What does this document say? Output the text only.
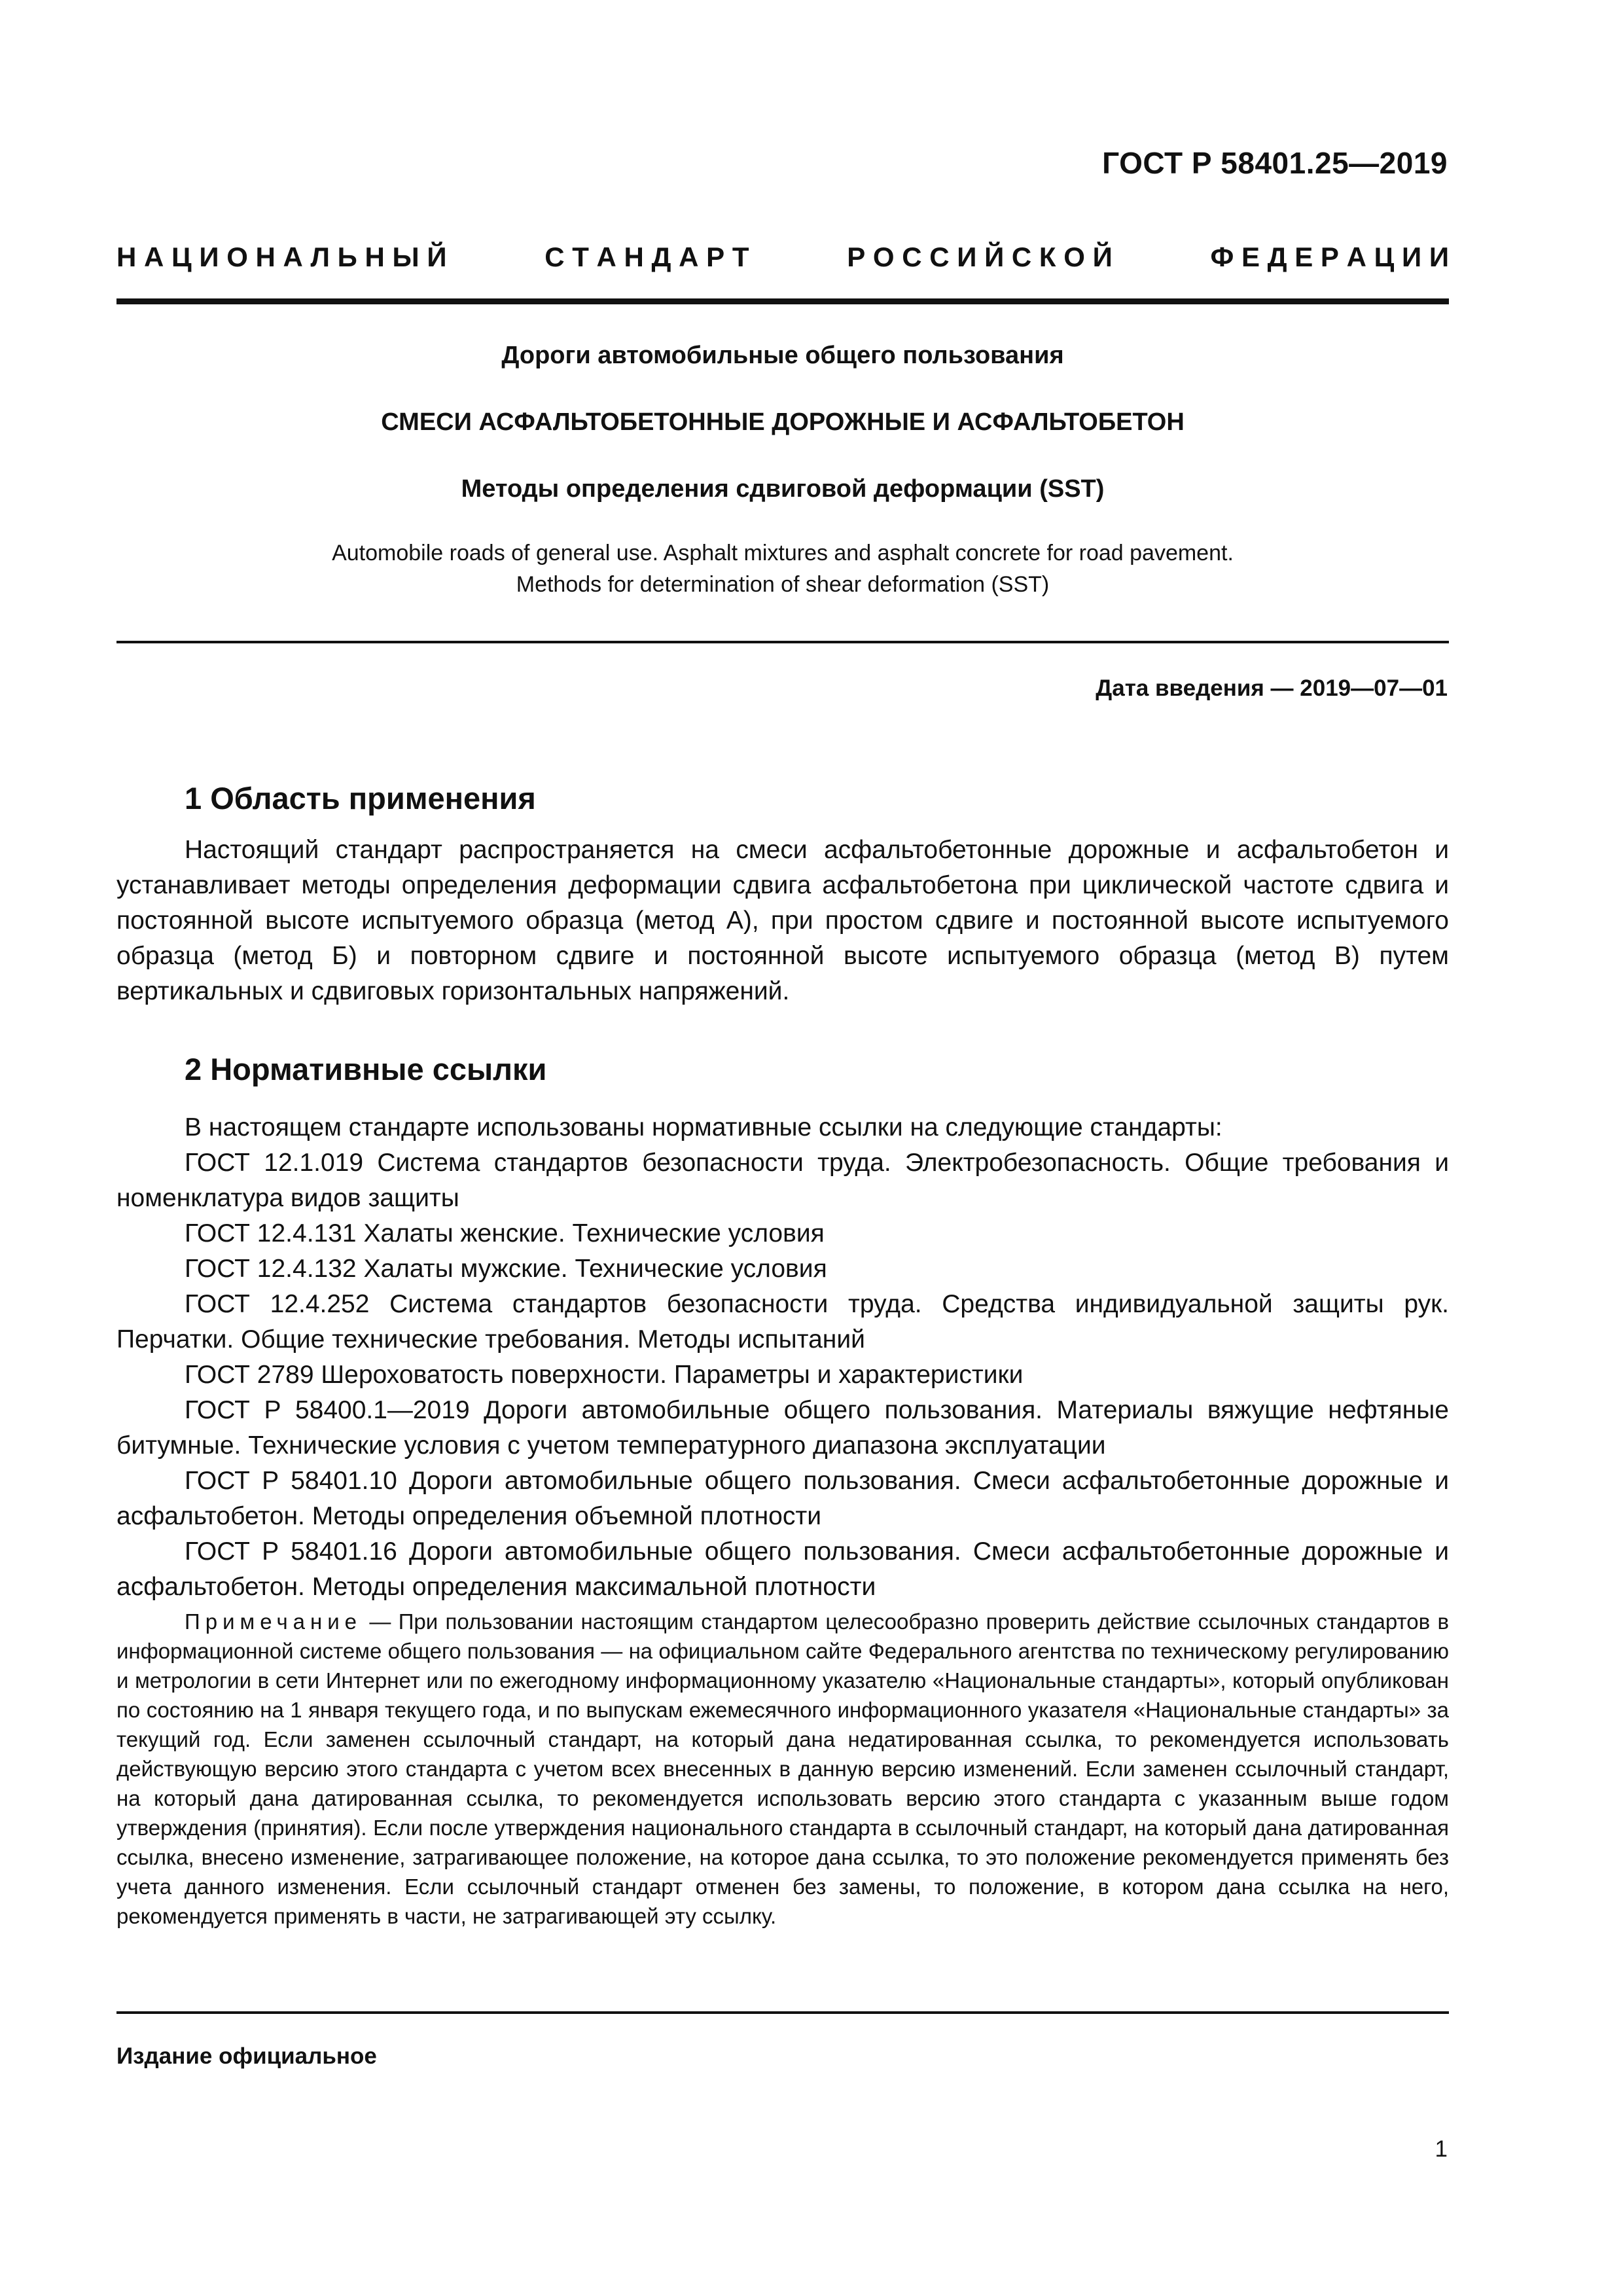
ГОСТ Р 58401.25—2019
Н А Ц И О Н А Л Ь Н Ы Й	С Т А Н Д А Р Т	Р О С С И Й С К О Й	Ф Е Д Е Р А Ц И И
Дороги автомобильные общего пользования
СМЕСИ АСФАЛЬТОБЕТОННЫЕ ДОРОЖНЫЕ И АСФАЛЬТОБЕТОН
Методы определения сдвиговой деформации (SST)
Automobile roads of general use. Asphalt mixtures and asphalt concrete for road pavement.
Methods for determination of shear deformation (SST)
Дата введения — 2019—07—01
1 Область применения
Настоящий стандарт распространяется на смеси асфальтобетонные дорожные и асфальтобетон и устанавливает методы определения деформации сдвига асфальтобетона при циклической частоте сдвига и постоянной высоте испытуемого образца (метод А), при простом сдвиге и постоянной высоте испытуемого образца (метод Б) и повторном сдвиге и постоянной высоте испытуемого образца (метод В) путем вертикальных и сдвиговых горизонтальных напряжений.
2 Нормативные ссылки
В настоящем стандарте использованы нормативные ссылки на следующие стандарты:
ГОСТ 12.1.019 Система стандартов безопасности труда. Электробезопасность. Общие требования и номенклатура видов защиты
ГОСТ 12.4.131 Халаты женские. Технические условия
ГОСТ 12.4.132 Халаты мужские. Технические условия
ГОСТ 12.4.252 Система стандартов безопасности труда. Средства индивидуальной защиты рук. Перчатки. Общие технические требования. Методы испытаний
ГОСТ 2789 Шероховатость поверхности. Параметры и характеристики
ГОСТ Р 58400.1—2019 Дороги автомобильные общего пользования. Материалы вяжущие нефтяные битумные. Технические условия с учетом температурного диапазона эксплуатации
ГОСТ Р 58401.10 Дороги автомобильные общего пользования. Смеси асфальтобетонные дорожные и асфальтобетон. Методы определения объемной плотности
ГОСТ Р 58401.16 Дороги автомобильные общего пользования. Смеси асфальтобетонные дорожные и асфальтобетон. Методы определения максимальной плотности
Примечание — При пользовании настоящим стандартом целесообразно проверить действие ссылочных стандартов в информационной системе общего пользования — на официальном сайте Федерального агентства по техническому регулированию и метрологии в сети Интернет или по ежегодному информационному указателю «Национальные стандарты», который опубликован по состоянию на 1 января текущего года, и по выпускам ежемесячного информационного указателя «Национальные стандарты» за текущий год. Если заменен ссылочный стандарт, на который дана недатированная ссылка, то рекомендуется использовать действующую версию этого стандарта с учетом всех внесенных в данную версию изменений. Если заменен ссылочный стандарт, на который дана датированная ссылка, то рекомендуется использовать версию этого стандарта с указанным выше годом утверждения (принятия). Если после утверждения национального стандарта в ссылочный стандарт, на который дана датированная ссылка, внесено изменение, затрагивающее положение, на которое дана ссылка, то это положение рекомендуется применять без учета данного изменения. Если ссылочный стандарт отменен без замены, то положение, в котором дана ссылка на него, рекомендуется применять в части, не затрагивающей эту ссылку.
Издание официальное
1
